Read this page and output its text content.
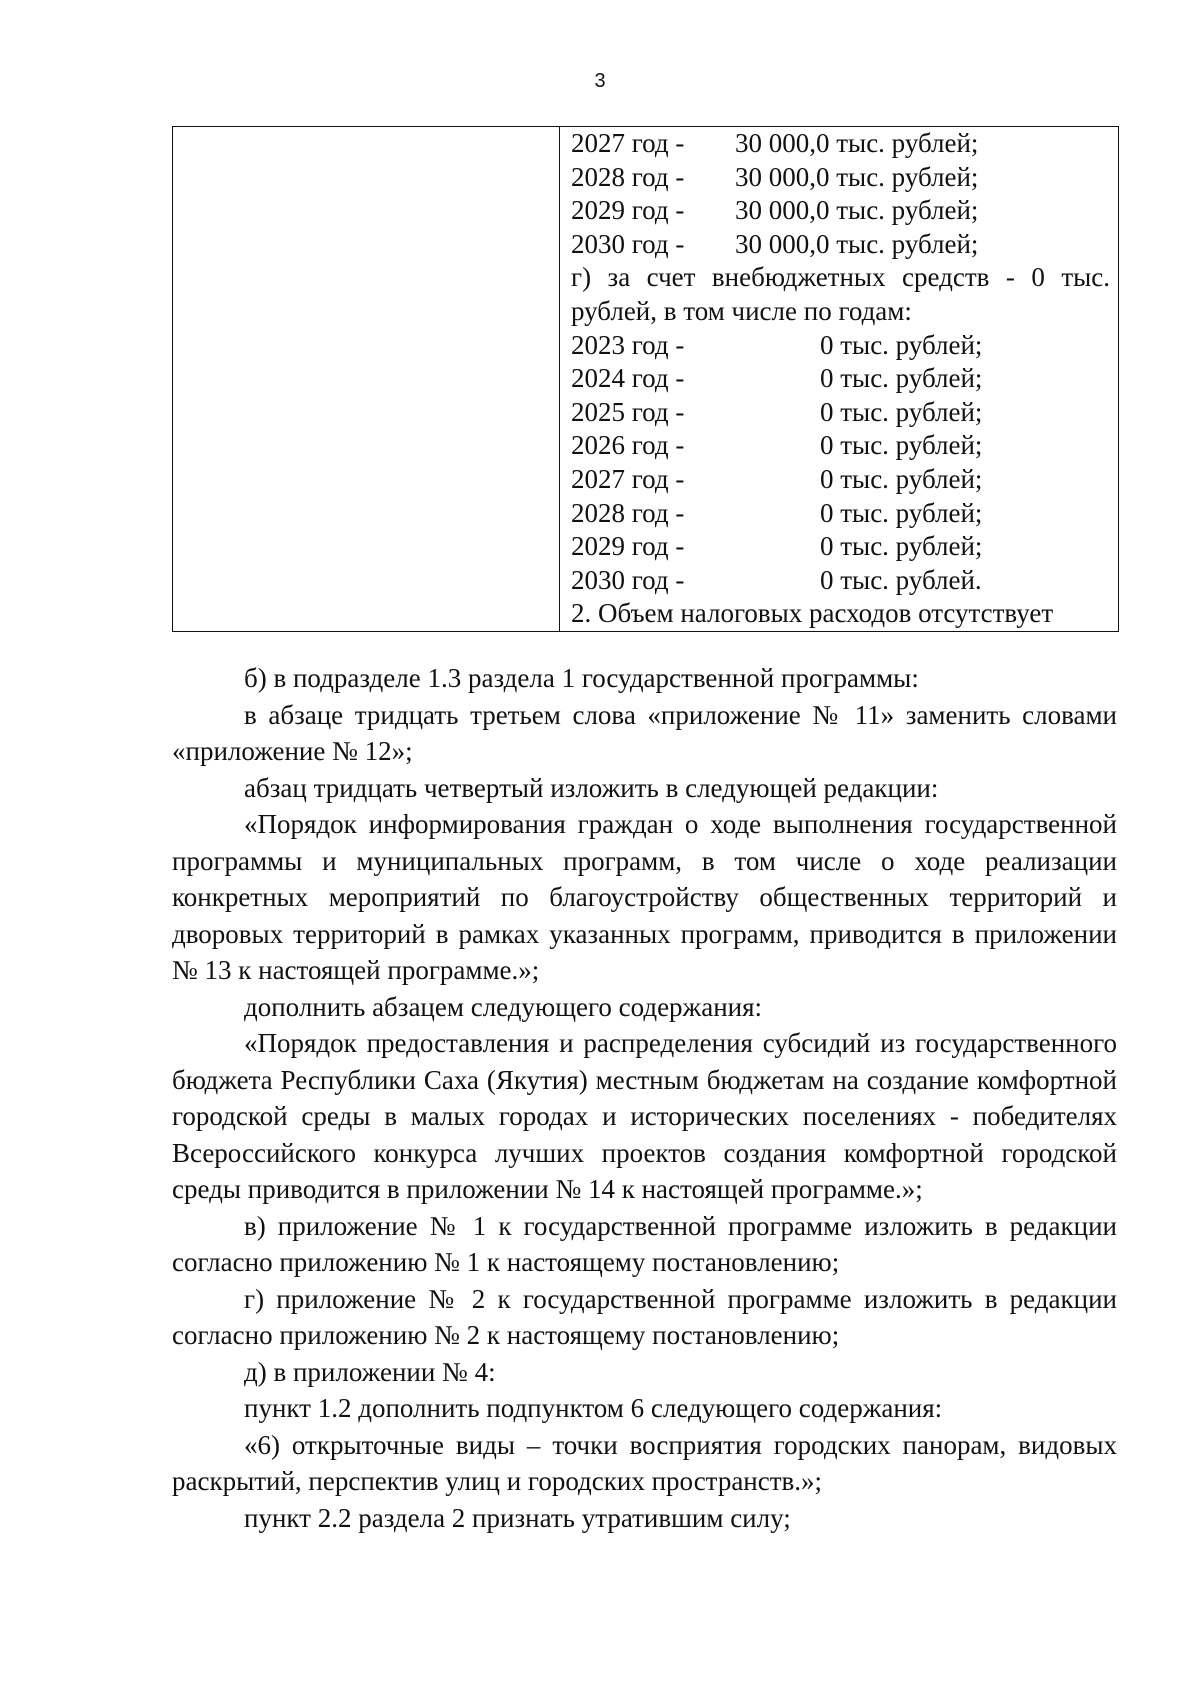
3

2027 год -	30 000,0 тыс. рублей;
2028 год -	30 000,0 тыс. рублей;
2029 год -	30 000,0 тыс. рублей;
2030 год -	30 000,0 тыс. рублей;
г) за счет внебюджетных средств - 0 тыс.
рублей, в том числе по годам:
2023 год -	0 тыс. рублей;
2024 год -	0 тыс. рублей;
2025 год -	0 тыс. рублей;
2026 год -	0 тыс. рублей;
2027 год -	0 тыс. рублей;
2028 год -	0 тыс. рублей;
2029 год -	0 тыс. рублей;
2030 год -	0 тыс. рублей.
2. Объем налоговых расходов отсутствует

б) в подразделе 1.3 раздела 1 государственной программы:

в абзаце тридцать третьем слова «приложение № 11» заменить словами «приложение № 12»;

абзац тридцать четвертый изложить в следующей редакции:

«Порядок информирования граждан о ходе выполнения государственной программы и муниципальных программ, в том числе о ходе реализации конкретных мероприятий по благоустройству общественных территорий и дворовых территорий в рамках указанных программ, приводится в приложении № 13 к настоящей программе.»;

дополнить абзацем следующего содержания:

«Порядок предоставления и распределения субсидий из государственного бюджета Республики Саха (Якутия) местным бюджетам на создание комфортной городской среды в малых городах и исторических поселениях - победителях Всероссийского конкурса лучших проектов создания комфортной городской среды приводится в приложении № 14 к настоящей программе.»;

в) приложение № 1 к государственной программе изложить в редакции согласно приложению № 1 к настоящему постановлению;

г) приложение № 2 к государственной программе изложить в редакции согласно приложению № 2 к настоящему постановлению;

д) в приложении № 4:

пункт 1.2 дополнить подпунктом 6 следующего содержания:

«6) открыточные виды – точки восприятия городских панорам, видовых раскрытий, перспектив улиц и городских пространств.»;

пункт 2.2 раздела 2 признать утратившим силу;
